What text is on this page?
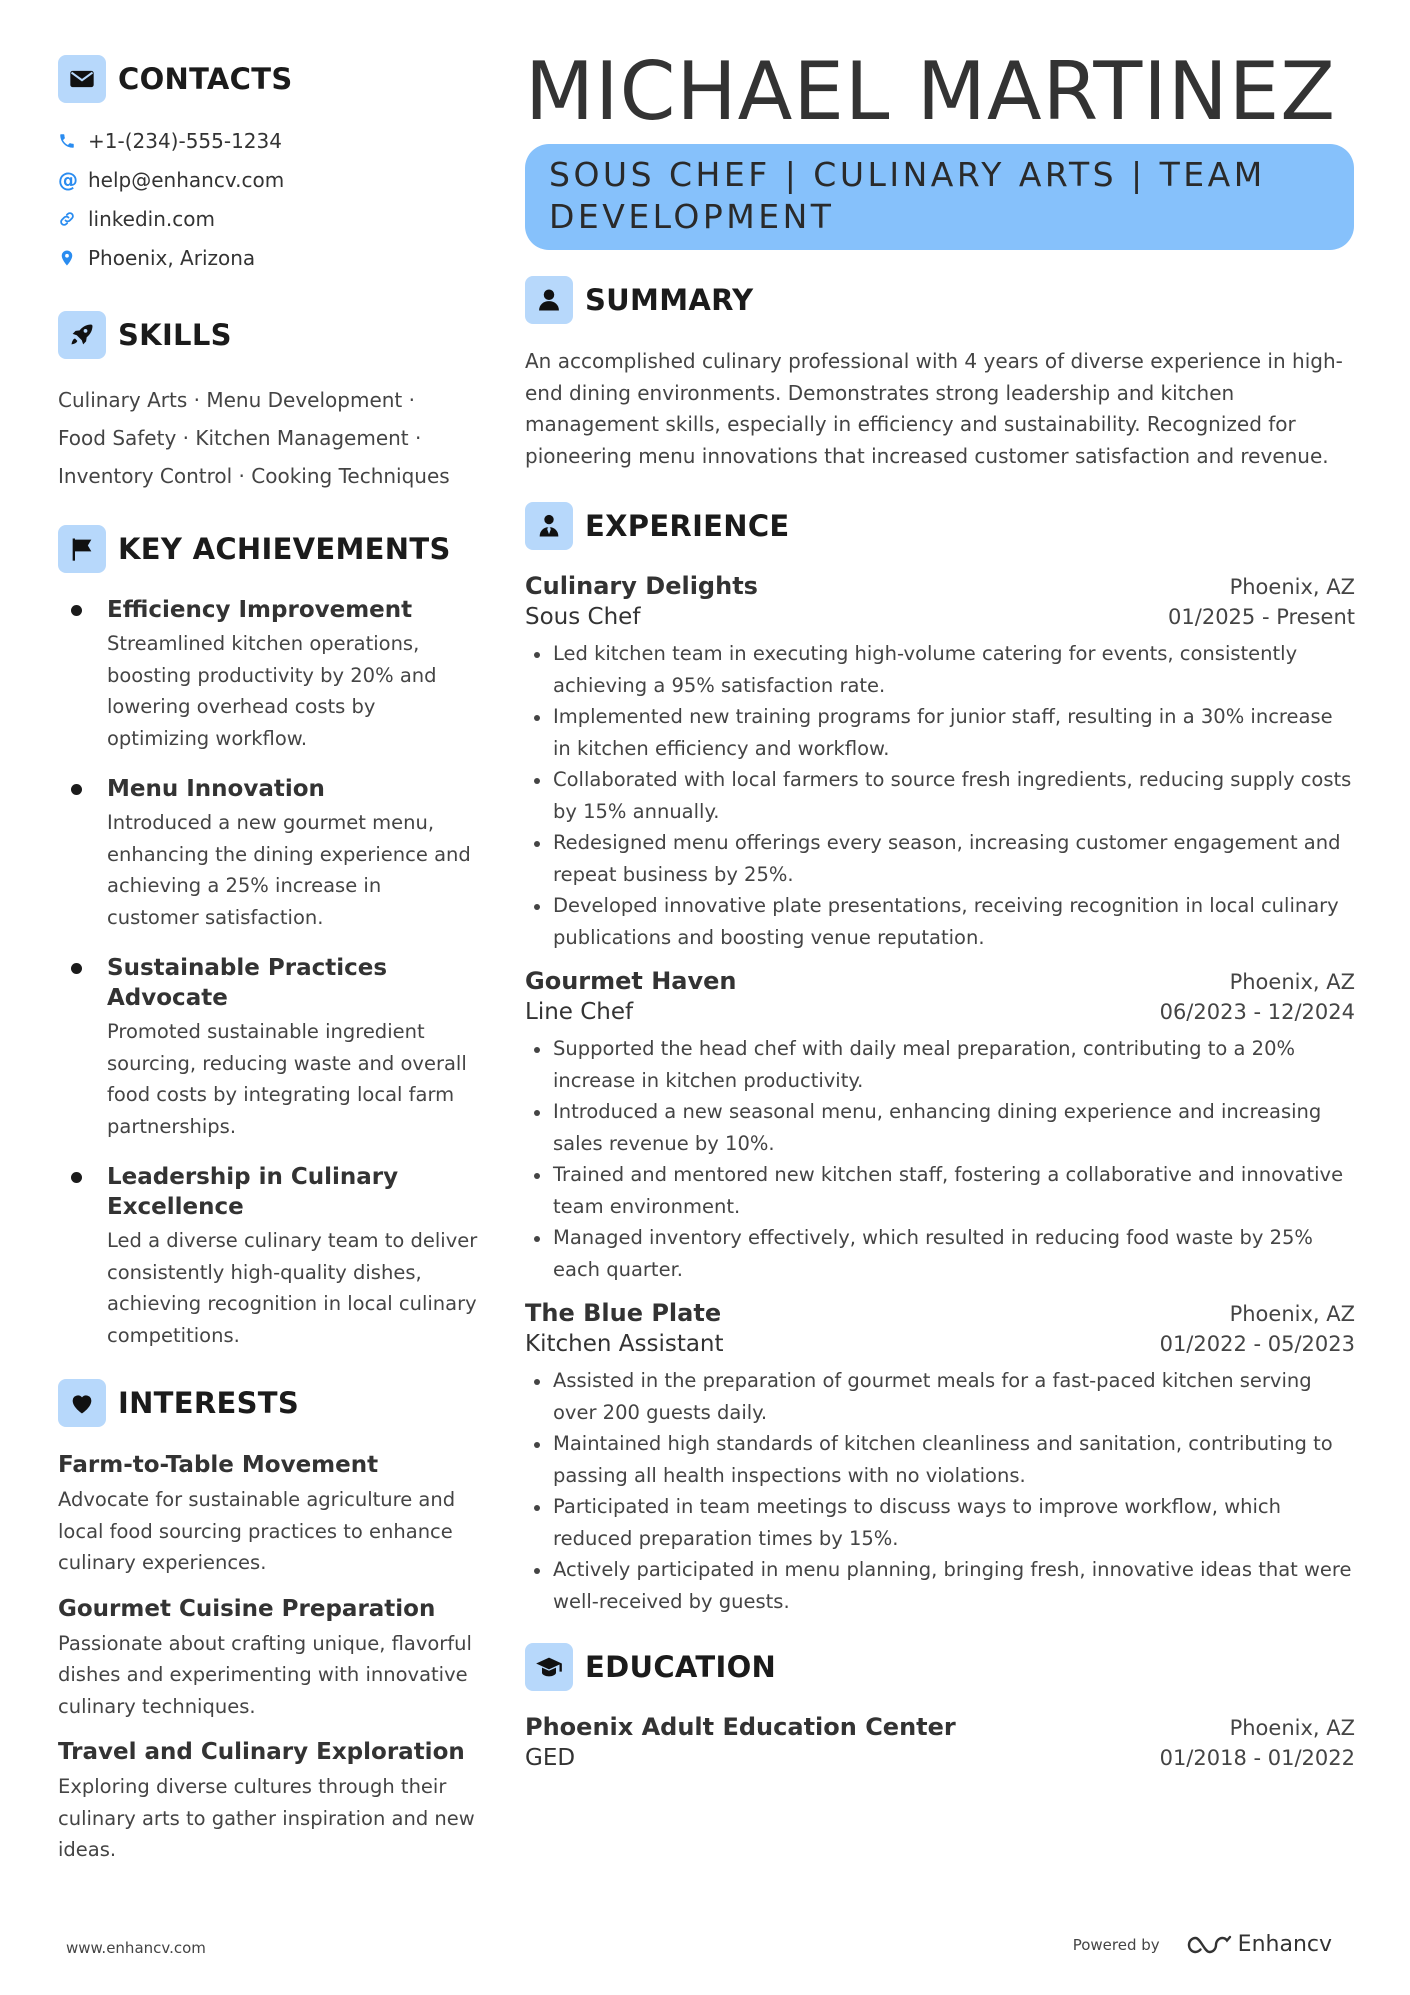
CONTACTS
+1-(234)-555-1234
@ help@enhancv.com
linkedin.com
Phoenix, Arizona
SKILLS
Culinary Arts · Menu Development ·
Food Safety · Kitchen Management ·
Inventory Control · Cooking Techniques
KEY ACHIEVEMENTS
Efficiency Improvement
Streamlined kitchen operations, boosting productivity by 20% and lowering overhead costs by optimizing workflow.
Menu Innovation
Introduced a new gourmet menu, enhancing the dining experience and achieving a 25% increase in customer satisfaction.
Sustainable Practices Advocate
Promoted sustainable ingredient sourcing, reducing waste and overall food costs by integrating local farm partnerships.
Leadership in Culinary Excellence
Led a diverse culinary team to deliver consistently high-quality dishes, achieving recognition in local culinary competitions.
INTERESTS
Farm-to-Table Movement
Advocate for sustainable agriculture and local food sourcing practices to enhance culinary experiences.
Gourmet Cuisine Preparation
Passionate about crafting unique, flavorful dishes and experimenting with innovative culinary techniques.
Travel and Culinary Exploration
Exploring diverse cultures through their culinary arts to gather inspiration and new ideas.
MICHAEL MARTINEZ
SOUS CHEF | CULINARY ARTS | TEAM DEVELOPMENT
SUMMARY
An accomplished culinary professional with 4 years of diverse experience in high-end dining environments. Demonstrates strong leadership and kitchen management skills, especially in efficiency and sustainability. Recognized for pioneering menu innovations that increased customer satisfaction and revenue.
EXPERIENCE
Culinary Delights	Phoenix, AZ
Sous Chef	01/2025 - Present
Led kitchen team in executing high-volume catering for events, consistently achieving a 95% satisfaction rate.
Implemented new training programs for junior staff, resulting in a 30% increase in kitchen efficiency and workflow.
Collaborated with local farmers to source fresh ingredients, reducing supply costs by 15% annually.
Redesigned menu offerings every season, increasing customer engagement and repeat business by 25%.
Developed innovative plate presentations, receiving recognition in local culinary publications and boosting venue reputation.
Gourmet Haven	Phoenix, AZ
Line Chef	06/2023 - 12/2024
Supported the head chef with daily meal preparation, contributing to a 20% increase in kitchen productivity.
Introduced a new seasonal menu, enhancing dining experience and increasing sales revenue by 10%.
Trained and mentored new kitchen staff, fostering a collaborative and innovative team environment.
Managed inventory effectively, which resulted in reducing food waste by 25% each quarter.
The Blue Plate	Phoenix, AZ
Kitchen Assistant	01/2022 - 05/2023
Assisted in the preparation of gourmet meals for a fast-paced kitchen serving over 200 guests daily.
Maintained high standards of kitchen cleanliness and sanitation, contributing to passing all health inspections with no violations.
Participated in team meetings to discuss ways to improve workflow, which reduced preparation times by 15%.
Actively participated in menu planning, bringing fresh, innovative ideas that were well-received by guests.
EDUCATION
Phoenix Adult Education Center	Phoenix, AZ
GED	01/2018 - 01/2022
www.enhancv.com	Powered by	Enhancv
